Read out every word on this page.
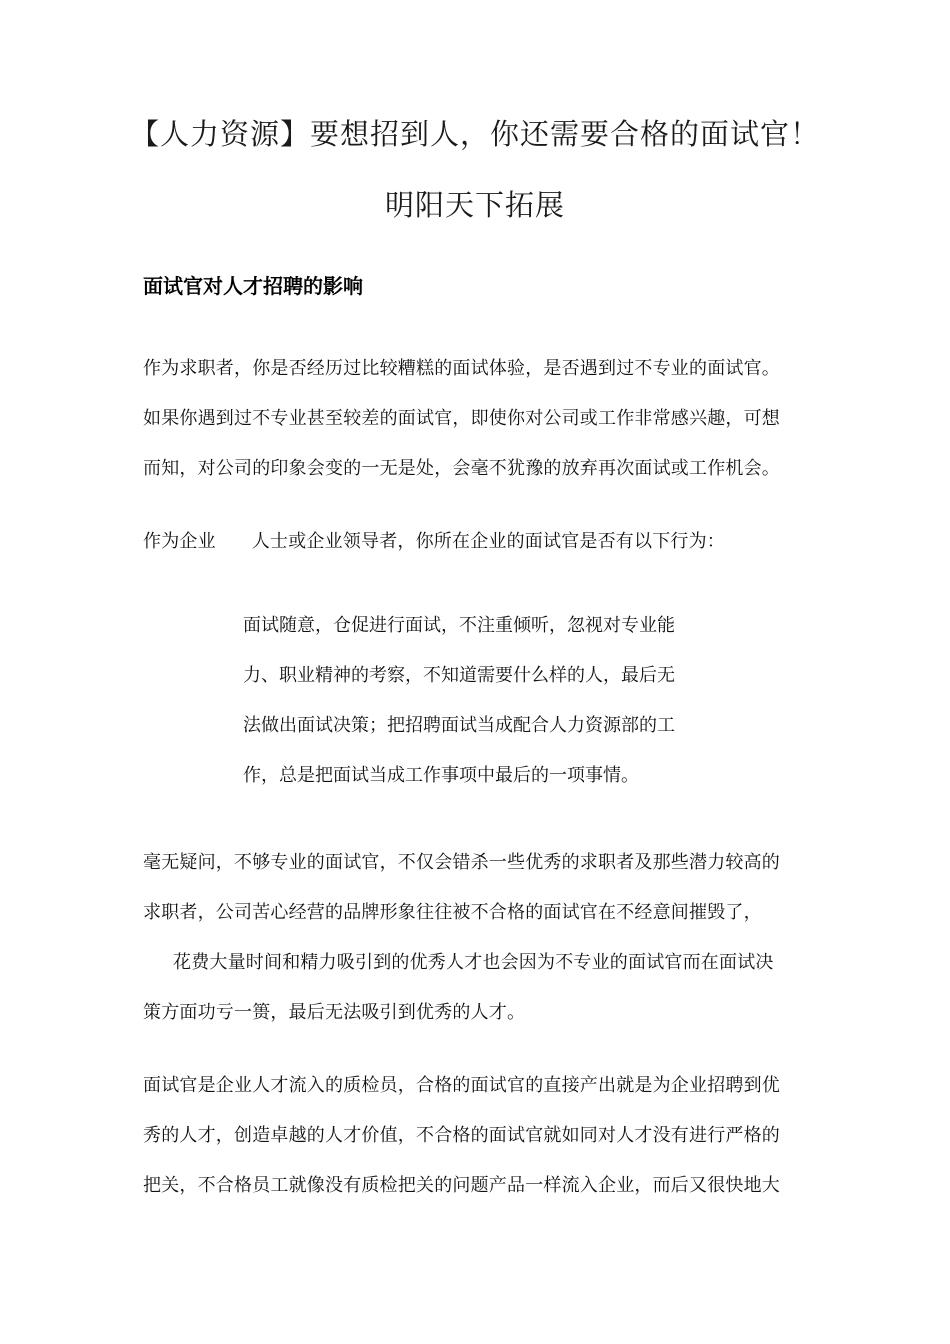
【人力资源】要想招到人，你还需要合格的面试官！
明阳天下拓展
面试官对人才招聘的影响
作为求职者，你是否经历过比较糟糕的面试体验，是否遇到过不专业的面试官。
如果你遇到过不专业甚至较差的面试官，即使你对公司或工作非常感兴趣，可想
而知，对公司的印象会变的一无是处，会毫不犹豫的放弃再次面试或工作机会。
作为企业 人士或企业领导者，你所在企业的面试官是否有以下行为：
面试随意，仓促进行面试，不注重倾听，忽视对专业能
力、职业精神的考察，不知道需要什么样的人，最后无
法做出面试决策；把招聘面试当成配合人力资源部的工
作，总是把面试当成工作事项中最后的一项事情。
毫无疑问，不够专业的面试官，不仅会错杀一些优秀的求职者及那些潜力较高的
求职者，公司苦心经营的品牌形象往往被不合格的面试官在不经意间摧毁了，
花费大量时间和精力吸引到的优秀人才也会因为不专业的面试官而在面试决
策方面功亏一篑，最后无法吸引到优秀的人才。
面试官是企业人才流入的质检员，合格的面试官的直接产出就是为企业招聘到优
秀的人才，创造卓越的人才价值，不合格的面试官就如同对人才没有进行严格的
把关，不合格员工就像没有质检把关的问题产品一样流入企业，而后又很快地大
